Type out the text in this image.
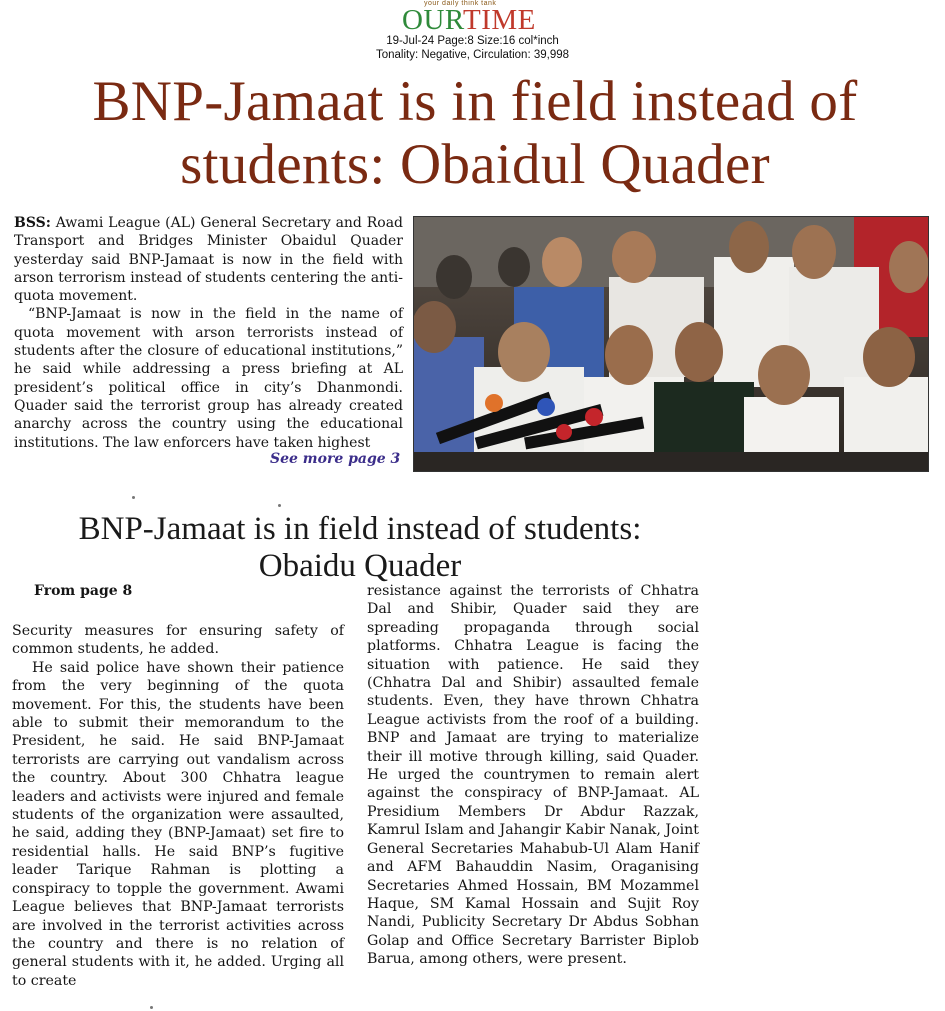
your daily think tank
OURTIME
19-Jul-24 Page:8 Size:16 col*inch
Tonality: Negative, Circulation: 39,998
BNP-Jamaat is in field instead of
students: Obaidul Quader

BSS: Awami League (AL) General Secretary and Road Transport and Bridges Minister Obaidul Quader yesterday said BNP-Jamaat is now in the field with arson terrorism instead of students centering the anti-quota movement.

“BNP-Jamaat is now in the field in the name of quota movement with arson terrorists instead of students after the closure of educational institutions,” he said while addressing a press briefing at AL president’s political office in city’s Dhanmondi. Quader said the terrorist group has already created anarchy across the country using the educational institutions. The law enforcers have taken highest

See more page 3
BNP-Jamaat is in field instead of students:
Obaidu Quader
From page 8

Security measures for ensuring safety of common students, he added.

He said police have shown their patience from the very beginning of the quota movement. For this, the students have been able to submit their memorandum to the President, he said. He said BNP-Jamaat terrorists are carrying out vandalism across the country. About 300 Chhatra league leaders and activists were injured and female students of the organization were assaulted, he said, adding they (BNP-Jamaat) set fire to residential halls. He said BNP’s fugitive leader Tarique Rahman is plotting a conspiracy to topple the government. Awami League believes that BNP-Jamaat terrorists are involved in the terrorist activities across the country and there is no relation of general students with it, he added. Urging all to create

resistance against the terrorists of Chhatra Dal and Shibir, Quader said they are spreading propaganda through social platforms. Chhatra League is facing the situation with patience. He said they (Chhatra Dal and Shibir) assaulted female students. Even, they have thrown Chhatra League activists from the roof of a building. BNP and Jamaat are trying to materialize their ill motive through killing, said Quader. He urged the countrymen to remain alert against the conspiracy of BNP-Jamaat. AL Presidium Members Dr Abdur Razzak, Kamrul Islam and Jahangir Kabir Nanak, Joint General Secretaries Mahabub-Ul Alam Hanif and AFM Bahauddin Nasim, Oraganising Secretaries Ahmed Hossain, BM Mozammel Haque, SM Kamal Hossain and Sujit Roy Nandi, Publicity Secretary Dr Abdus Sobhan Golap and Office Secretary Barrister Biplob Barua, among others, were present.
